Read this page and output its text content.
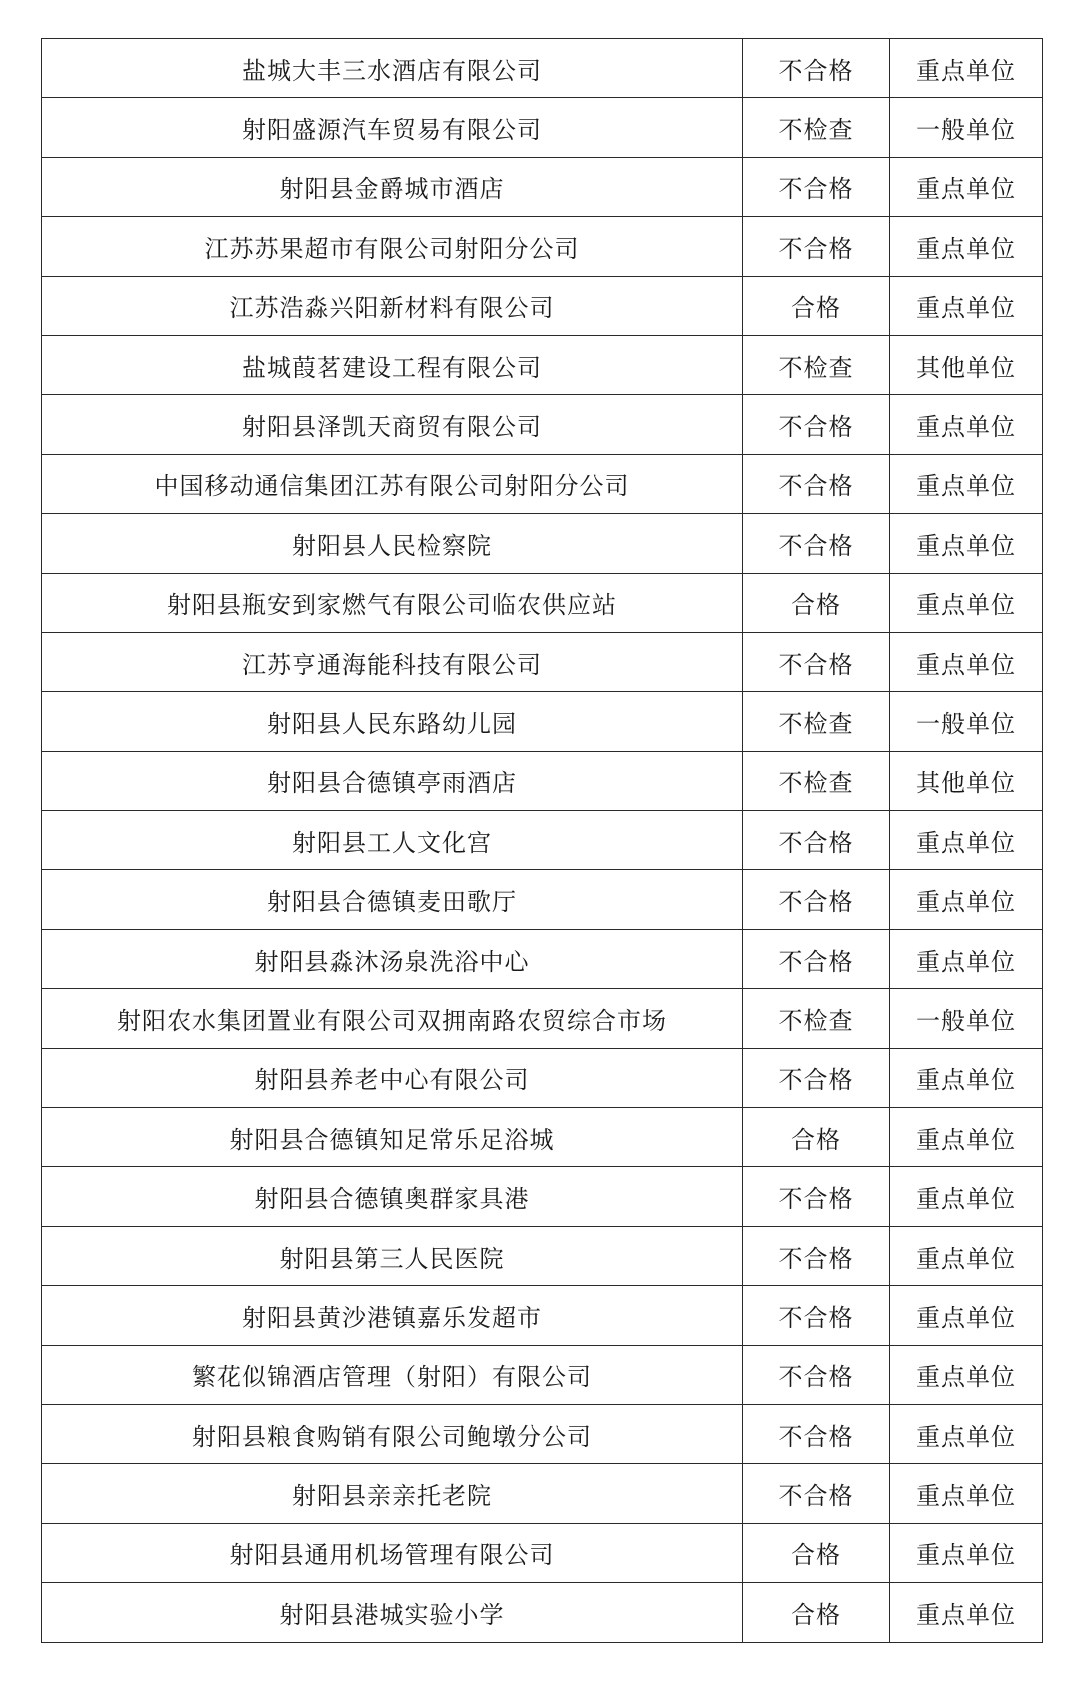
盐城大丰三水酒店有限公司	不合格	重点单位
射阳盛源汽车贸易有限公司	不检查	一般单位
射阳县金爵城市酒店	不合格	重点单位
江苏苏果超市有限公司射阳分公司	不合格	重点单位
江苏浩淼兴阳新材料有限公司	合格	重点单位
盐城葭茗建设工程有限公司	不检查	其他单位
射阳县泽凯天商贸有限公司	不合格	重点单位
中国移动通信集团江苏有限公司射阳分公司	不合格	重点单位
射阳县人民检察院	不合格	重点单位
射阳县瓶安到家燃气有限公司临农供应站	合格	重点单位
江苏亨通海能科技有限公司	不合格	重点单位
射阳县人民东路幼儿园	不检查	一般单位
射阳县合德镇亭雨酒店	不检查	其他单位
射阳县工人文化宫	不合格	重点单位
射阳县合德镇麦田歌厅	不合格	重点单位
射阳县淼沐汤泉洗浴中心	不合格	重点单位
射阳农水集团置业有限公司双拥南路农贸综合市场	不检查	一般单位
射阳县养老中心有限公司	不合格	重点单位
射阳县合德镇知足常乐足浴城	合格	重点单位
射阳县合德镇奥群家具港	不合格	重点单位
射阳县第三人民医院	不合格	重点单位
射阳县黄沙港镇嘉乐发超市	不合格	重点单位
繁花似锦酒店管理（射阳）有限公司	不合格	重点单位
射阳县粮食购销有限公司鲍墩分公司	不合格	重点单位
射阳县亲亲托老院	不合格	重点单位
射阳县通用机场管理有限公司	合格	重点单位
射阳县港城实验小学	合格	重点单位
